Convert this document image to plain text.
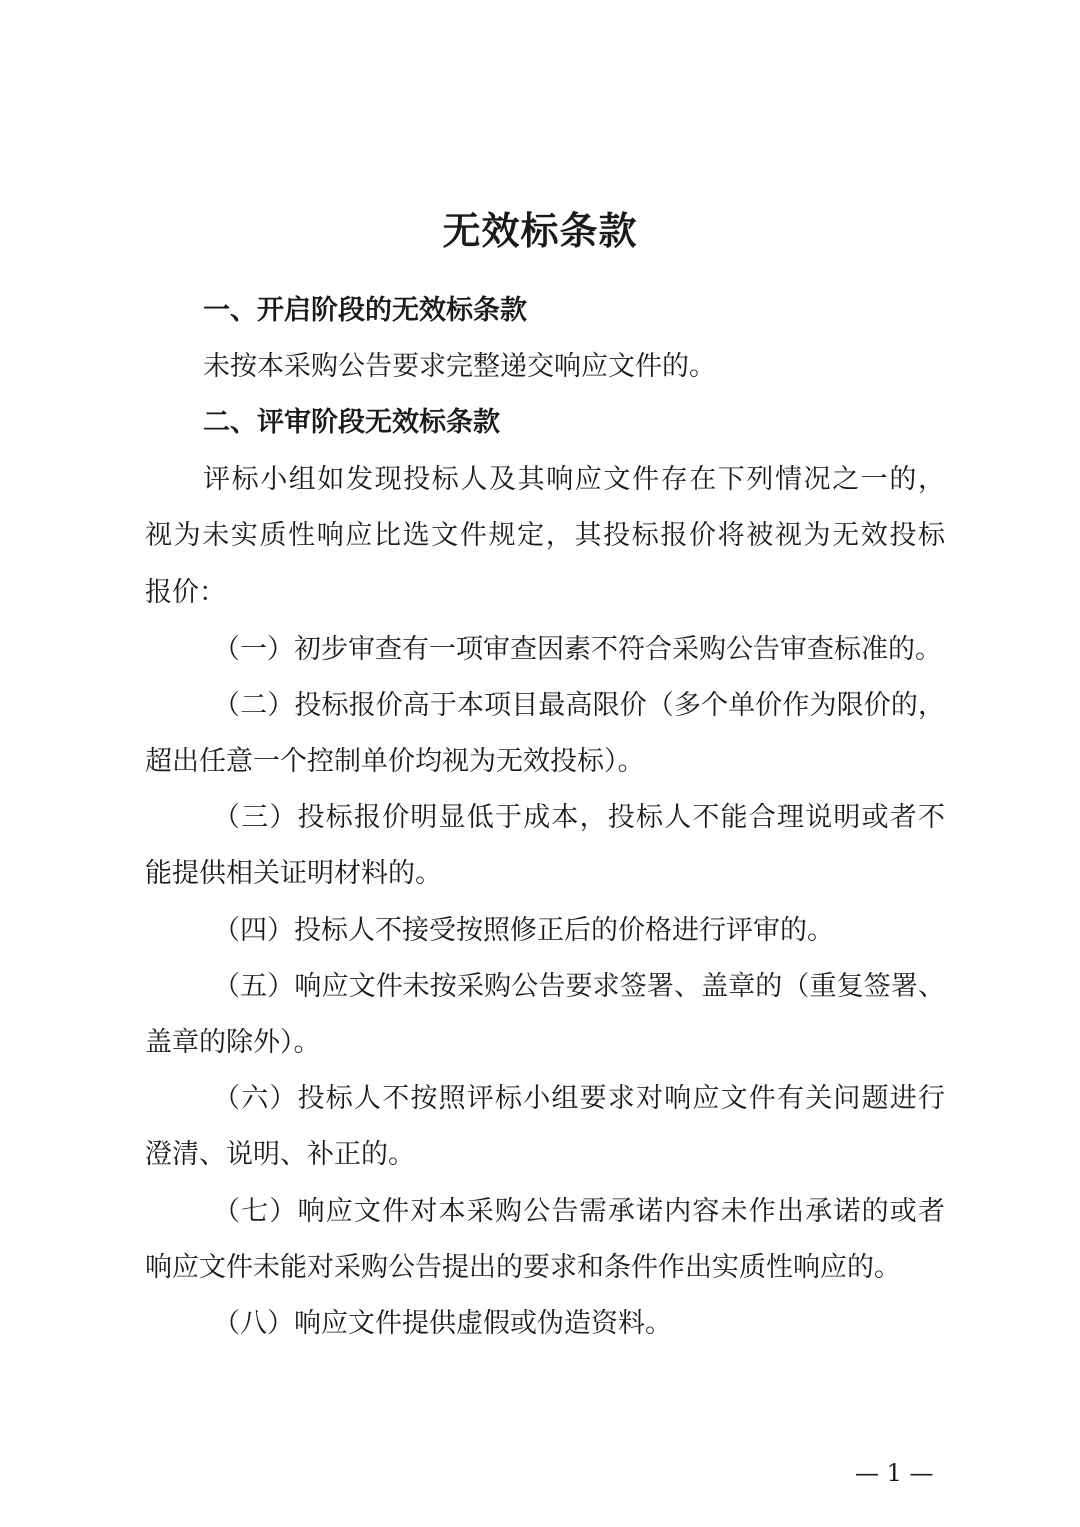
无效标条款
一、开启阶段的无效标条款
未按本采购公告要求完整递交响应文件的。
二、评审阶段无效标条款
评标小组如发现投标人及其响应文件存在下列情况之一的，
视为未实质性响应比选文件规定，其投标报价将被视为无效投标
报价：
（一）初步审查有一项审查因素不符合采购公告审查标准的。
（二）投标报价高于本项目最高限价（多个单价作为限价的，
超出任意一个控制单价均视为无效投标）。
（三）投标报价明显低于成本，投标人不能合理说明或者不
能提供相关证明材料的。
（四）投标人不接受按照修正后的价格进行评审的。
（五）响应文件未按采购公告要求签署、盖章的（重复签署、
盖章的除外）。
（六）投标人不按照评标小组要求对响应文件有关问题进行
澄清、说明、补正的。
（七）响应文件对本采购公告需承诺内容未作出承诺的或者
响应文件未能对采购公告提出的要求和条件作出实质性响应的。
（八）响应文件提供虚假或伪造资料。
— 1 —
